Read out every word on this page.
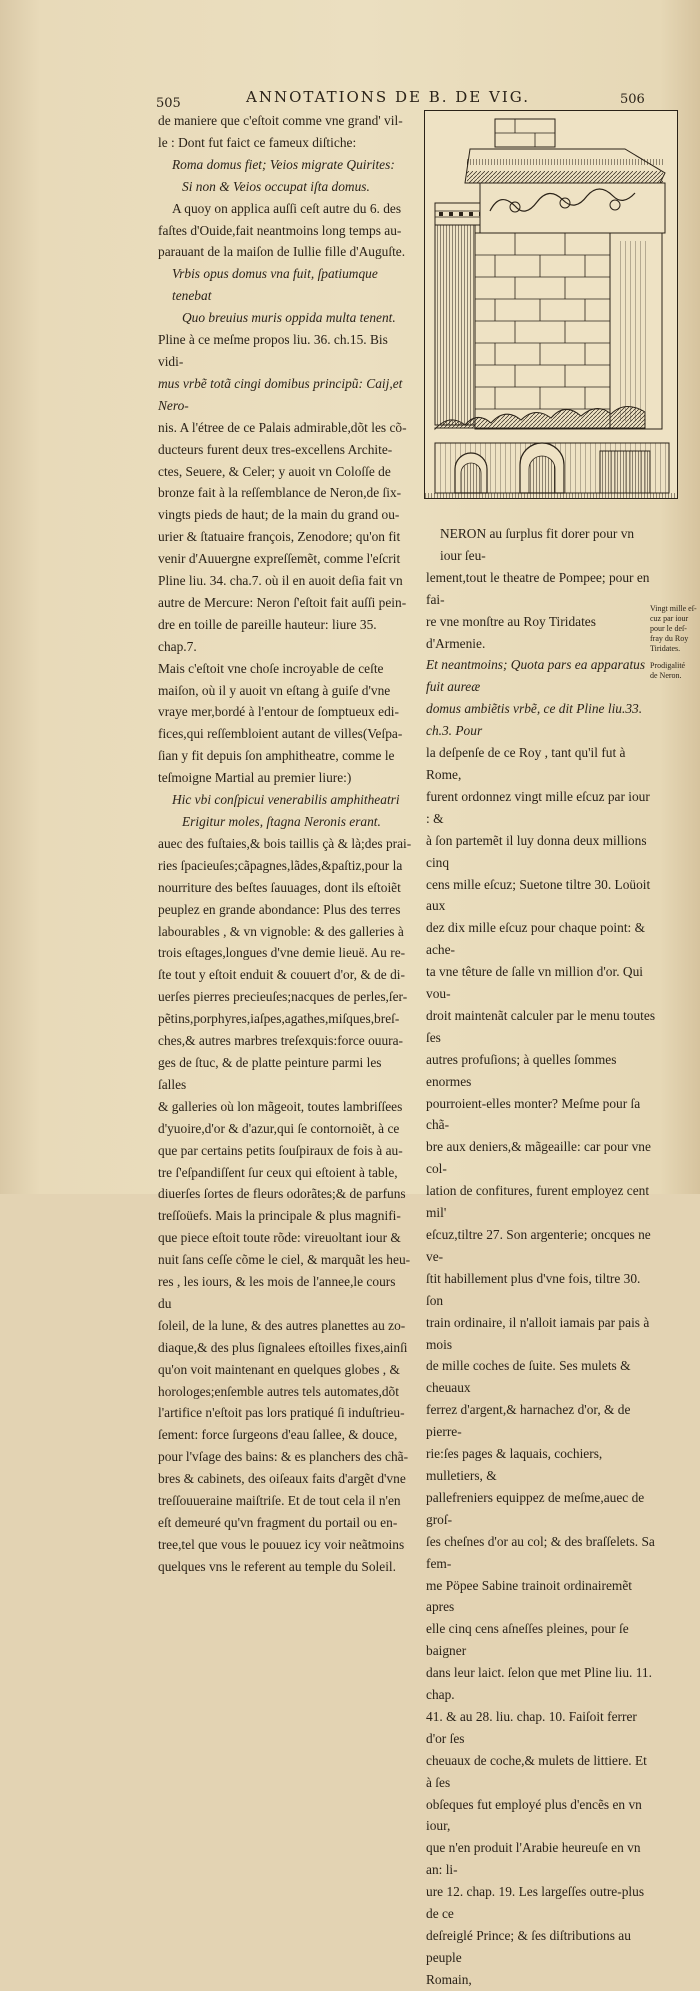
505	ANNOTATIONS DE B. DE VIG.	506

de maniere que c'eſtoit comme vne grand' vil-

le : Dont fut faict ce fameux diſtiche:

Roma domus fiet; Veios migrate Quirites:

Si non & Veios occupat iſta domus.

A quoy on applica auſſi ceſt autre du 6. des

faſtes d'Ouide,fait neantmoins long temps au-

parauant de la maiſon de Iullie fille d'Auguſte.

Vrbis opus domus vna fuit, ſpatiumque tenebat

Quo breuius muris oppida multa tenent.

Pline à ce meſme propos liu. 36. ch.15. Bis vidi-

mus vrbẽ totã cingi domibus principũ: Caij,et Nero-

nis. A l'étree de ce Palais admirable,dõt les cõ-

ducteurs furent deux tres-excellens Archite-

ctes, Seuere, & Celer; y auoit vn Coloſſe de

bronze fait à la reſſemblance de Neron,de ſix-

vingts pieds de haut; de la main du grand ou-

urier & ſtatuaire françois, Zenodore; qu'on fit

venir d'Auuergne expreſſemẽt, comme l'eſcrit

Pline liu. 34. cha.7. où il en auoit deſia fait vn

autre de Mercure: Neron ſ'eſtoit fait auſſi pein-

dre en toille de pareille hauteur: liure 35. chap.7.

Mais c'eſtoit vne choſe incroyable de ceſte

maiſon, où il y auoit vn eſtang à guiſe d'vne

vraye mer,bordé à l'entour de ſomptueux edi-

fices,qui reſſembloient autant de villes(Veſpa-

ſian y fit depuis ſon amphitheatre, comme le

teſmoigne Martial au premier liure:)

Hic vbi conſpicui venerabilis amphitheatri

Erigitur moles, ſtagna Neronis erant.

auec des fuſtaies,& bois taillis çà & là;des prai-

ries ſpacieuſes;cãpagnes,lãdes,&paſtiz,pour la

nourriture des beſtes ſauuages, dont ils eſtoiẽt

peuplez en grande abondance: Plus des terres

labourables , & vn vignoble: & des galleries à

trois eſtages,longues d'vne demie lieuë. Au re-

ſte tout y eſtoit enduit & couuert d'or, & de di-

uerſes pierres precieuſes;nacques de perles,ſer-

pẽtins,porphyres,iaſpes,agathes,miſques,breſ-

ches,& autres marbres treſexquis:force ouura-

ges de ſtuc, & de platte peinture parmi les ſalles

& galleries où lon mãgeoit, toutes lambriſſees

d'yuoire,d'or & d'azur,qui ſe contornoiẽt, à ce

que par certains petits ſouſpiraux de fois à au-

tre ſ'eſpandiſſent ſur ceux qui eſtoient à table,

diuerſes ſortes de fleurs odorãtes;& de parfuns

treſſoüefs. Mais la principale & plus magnifi-

que piece eſtoit toute rõde: vireuoltant iour &

nuit ſans ceſſe cõme le ciel, & marquãt les heu-

res , les iours, & les mois de l'annee,le cours du

ſoleil, de la lune, & des autres planettes au zo-

diaque,& des plus ſignalees eſtoilles fixes,ainſi

qu'on voit maintenant en quelques globes , &

horologes;enſemble autres tels automates,dõt

l'artifice n'eſtoit pas lors pratiqué ſi induſtrieu-

ſement: force ſurgeons d'eau ſallee, & douce,

pour l'vſage des bains: & es planchers des chã-

bres & cabinets, des oiſeaux faits d'argẽt d'vne

treſſouueraine maiſtriſe. Et de tout cela il n'en

eſt demeuré qu'vn fragment du portail ou en-

tree,tel que vous le pouuez icy voir neãtmoins

quelques vns le referent au temple du Soleil.

NERON au ſurplus fit dorer pour vn iour ſeu-

lement,tout le theatre de Pompee; pour en fai-

re vne monſtre au Roy Tiridates d'Armenie.

Et neantmoins; Quota pars ea apparatus fuit aureæ

domus ambiẽtis vrbẽ, ce dit Pline liu.33. ch.3. Pour

la deſpenſe de ce Roy , tant qu'il fut à Rome,

furent ordonnez vingt mille eſcuz par iour : &

à ſon partemẽt il luy donna deux millions cinq

cens mille eſcuz; Suetone tiltre 30. Loüoit aux

dez dix mille eſcuz pour chaque point: & ache-

ta vne têture de ſalle vn million d'or. Qui vou-

droit maintenãt calculer par le menu toutes ſes

autres profuſions; à quelles ſommes enormes

pourroient-elles monter? Meſme pour ſa chã-

bre aux deniers,& mãgeaille: car pour vne col-

lation de confitures, furent employez cent mil'

eſcuz,tiltre 27. Son argenterie; oncques ne ve-

ſtit habillement plus d'vne fois, tiltre 30. ſon

train ordinaire, il n'alloit iamais par pais à mois

de mille coches de ſuite. Ses mulets & cheuaux

ferrez d'argent,& harnachez d'or, & de pierre-

rie:ſes pages & laquais, cochiers, mulletiers, &

pallefreniers equippez de meſme,auec de groſ-

ſes cheſnes d'or au col; & des braſſelets. Sa fem-

me Pöpee Sabine trainoit ordinairemẽt apres

elle cinq cens aſneſſes pleines, pour ſe baigner

dans leur laict. ſelon que met Pline liu. 11. chap.

41. & au 28. liu. chap. 10. Faiſoit ferrer d'or ſes

cheuaux de coche,& mulets de littiere. Et à ſes

obſeques fut employé plus d'encẽs en vn iour,

que n'en produit l'Arabie heureuſe en vn an: li-

ure 12. chap. 19. Les largeſſes outre-plus de ce

deſreiglé Prince; & ſes diſtributions au peuple

Romain,

Vingt mille eſ-
cuz par iour
pour le deſ-
fray du Roy
Tiridates.
Prodigalité
de Neron.
